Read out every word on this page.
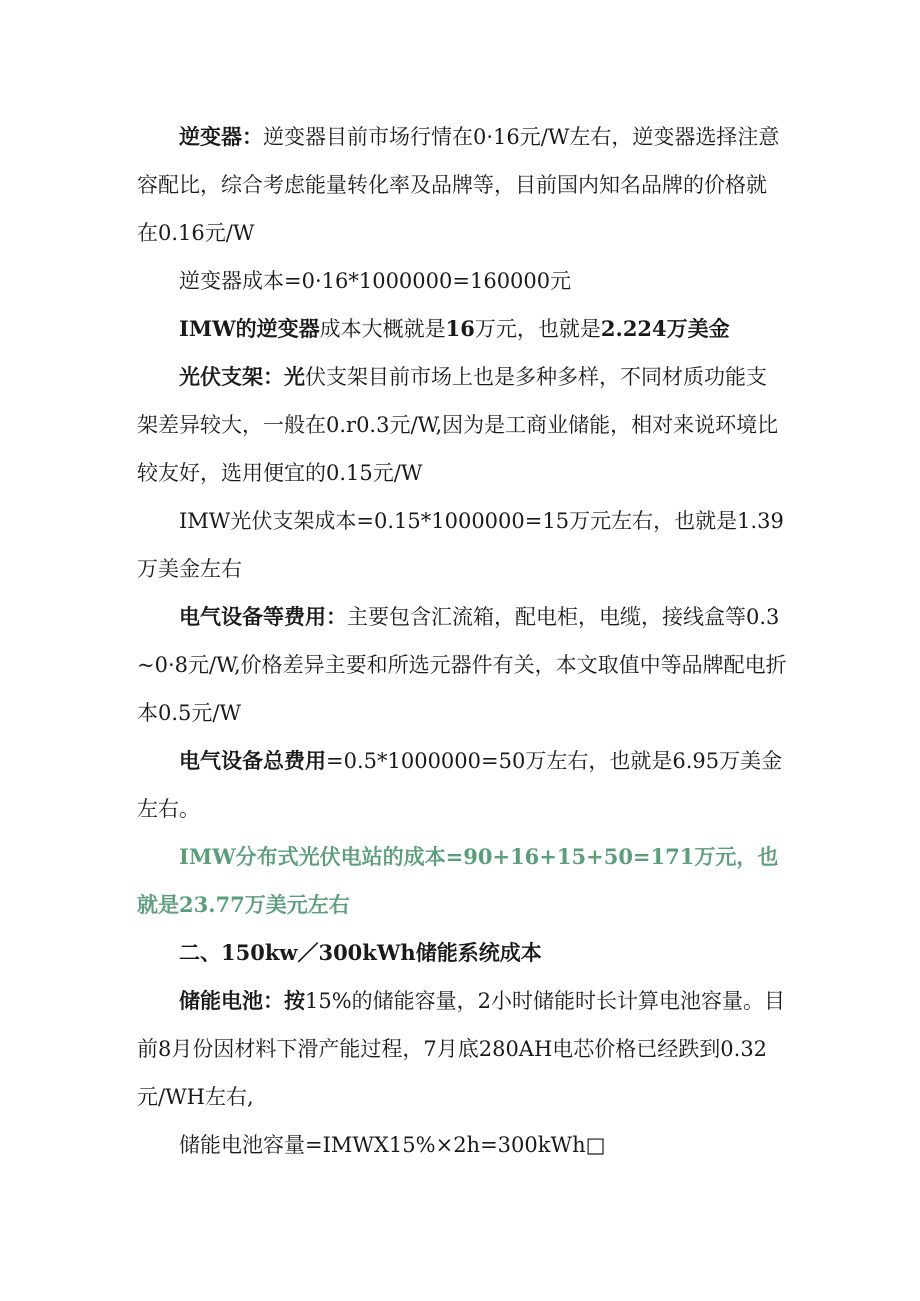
逆变器：逆变器目前市场行情在0·16元/W左右，逆变器选择注意容配比，综合考虑能量转化率及品牌等，目前国内知名品牌的价格就在0.16元/W

逆变器成本=0·16*1000000=160000元

IMW的逆变器成本大概就是16万元，也就是2.224万美金

光伏支架：光伏支架目前市场上也是多种多样，不同材质功能支架差异较大，一般在0.r0.3元/W,因为是工商业储能，相对来说环境比较友好，选用便宜的0.15元/W

IMW光伏支架成本=0.15*1000000=15万元左右，也就是1.39万美金左右

电气设备等费用：主要包含汇流箱，配电柜，电缆，接线盒等0.3~0·8元/W,价格差异主要和所选元器件有关，本文取值中等品牌配电折本0.5元/W

电气设备总费用=0.5*1000000=50万左右，也就是6.95万美金左右。

IMW分布式光伏电站的成本=90+16+15+50=171万元，也就是23.77万美元左右

二、150kw／300kWh储能系统成本

储能电池：按15%的储能容量，2小时储能时长计算电池容量。目前8月份因材料下滑产能过程，7月底280AH电芯价格已经跌到0.32元/WH左右,

储能电池容量=IMWX15%×2h=300kWh□
